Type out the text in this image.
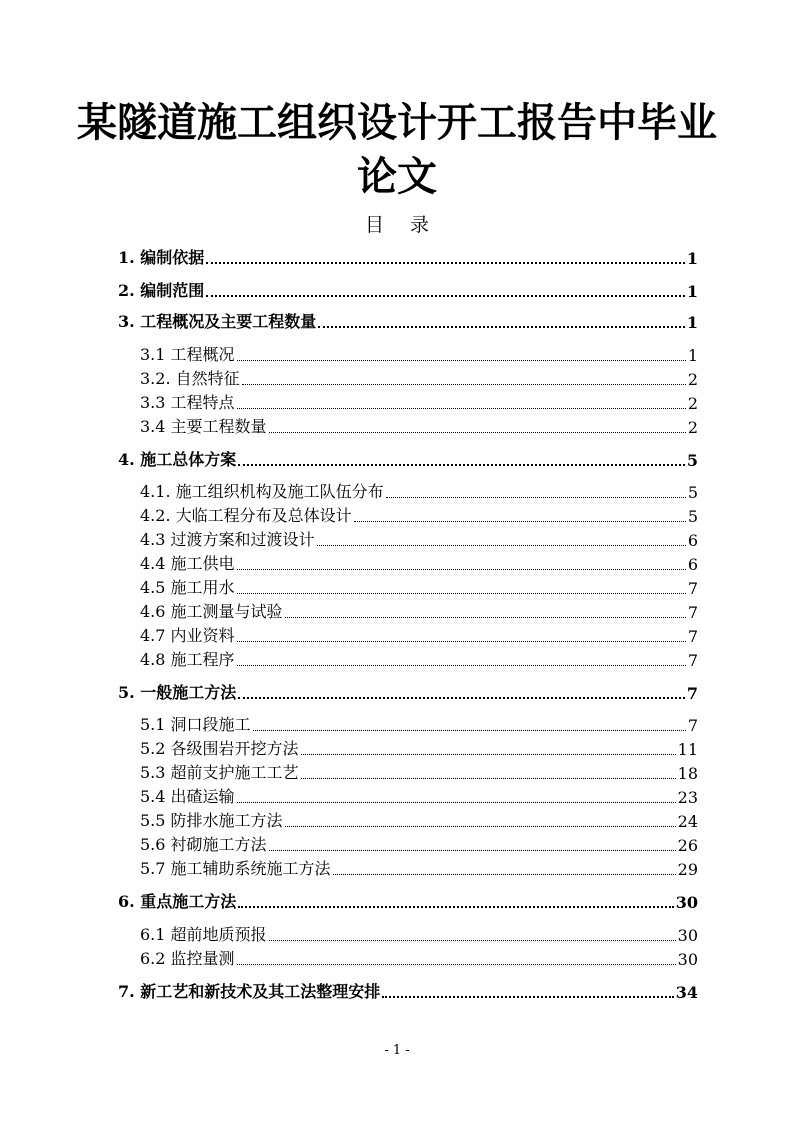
某隧道施工组织设计开工报告中毕业
论文
目录
1. 编制依据	1
2. 编制范围	1
3. 工程概况及主要工程数量	1
3.1 工程概况	1
3.2. 自然特征	2
3.3 工程特点	2
3.4 主要工程数量	2
4. 施工总体方案	5
4.1. 施工组织机构及施工队伍分布	5
4.2. 大临工程分布及总体设计	5
4.3 过渡方案和过渡设计	6
4.4 施工供电	6
4.5 施工用水	7
4.6 施工测量与试验	7
4.7 内业资料	7
4.8 施工程序	7
5. 一般施工方法	7
5.1 洞口段施工	7
5.2 各级围岩开挖方法	11
5.3 超前支护施工工艺	18
5.4 出碴运输	23
5.5 防排水施工方法	24
5.6 衬砌施工方法	26
5.7 施工辅助系统施工方法	29
6. 重点施工方法	30
6.1 超前地质预报	30
6.2 监控量测	30
7. 新工艺和新技术及其工法整理安排	34
- 1 -
